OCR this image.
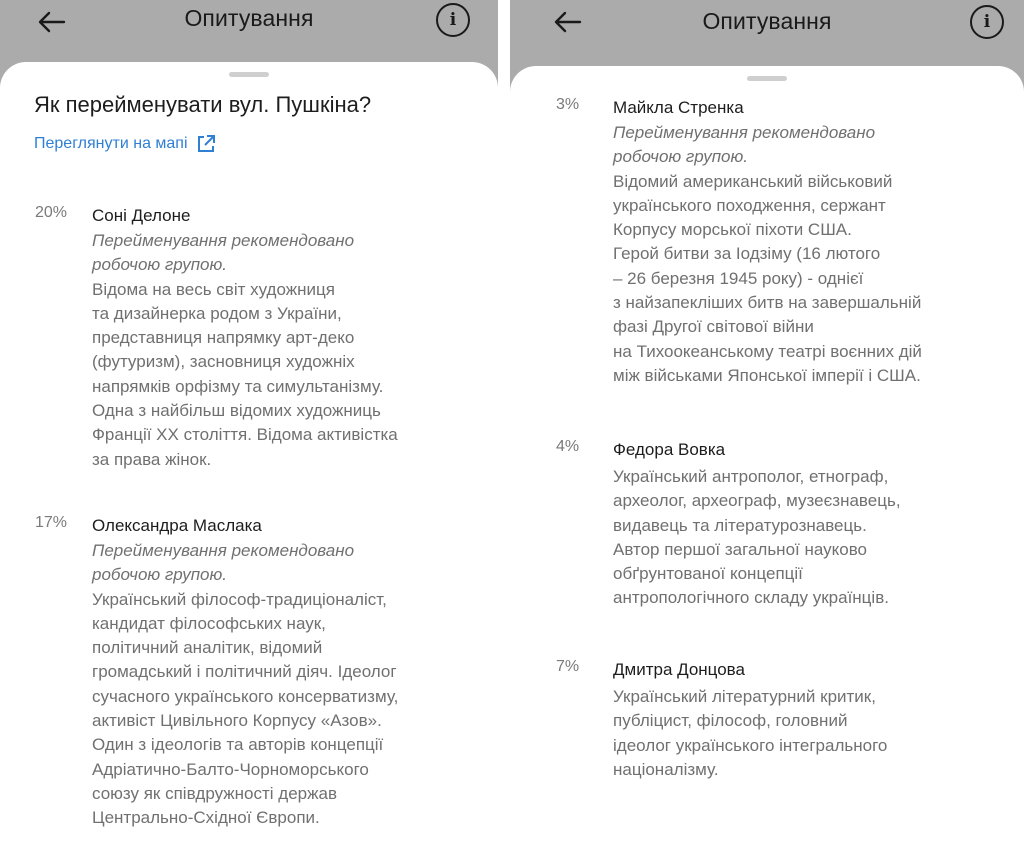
Опитування	i
Як перейменувати вул. Пушкіна?
Переглянути на мапі
20% Соні Делоне
Перейменування рекомендовано
робочою групою.
Відома на весь світ художниця
та дизайнерка родом з України,
представниця напрямку арт-деко
(футуризм), засновниця художніх
напрямків орфізму та симультанізму.
Одна з найбільш відомих художниць
Франції XX століття. Відома активістка
за права жінок.
17% Олександра Маслака
Перейменування рекомендовано
робочою групою.
Український філософ-традиціоналіст,
кандидат філософських наук,
політичний аналітик, відомий
громадський і політичний діяч. Ідеолог
сучасного українського консерватизму,
активіст Цивільного Корпусу «Азов».
Один з ідеологів та авторів концепції
Адріатично-Балто-Чорноморського
союзу як співдружності держав
Центрально-Східної Європи.
Опитування	i
3% Майкла Стренка
Перейменування рекомендовано
робочою групою.
Відомий американський військовий
українського походження, сержант
Корпусу морської піхоти США.
Герой битви за Іодзіму (16 лютого
– 26 березня 1945 року) - однієї
з найзапекліших битв на завершальній
фазі Другої світової війни
на Тихоокеанському театрі воєнних дій
між військами Японської імперії і США.
4% Федора Вовка
Український антрополог, етнограф,
археолог, археограф, музеєзнавець,
видавець та літературознавець.
Автор першої загальної науково
обґрунтованої концепції
антропологічного складу українців.
7% Дмитра Донцова
Український літературний критик,
публіцист, філософ, головний
ідеолог українського інтегрального
націоналізму.
